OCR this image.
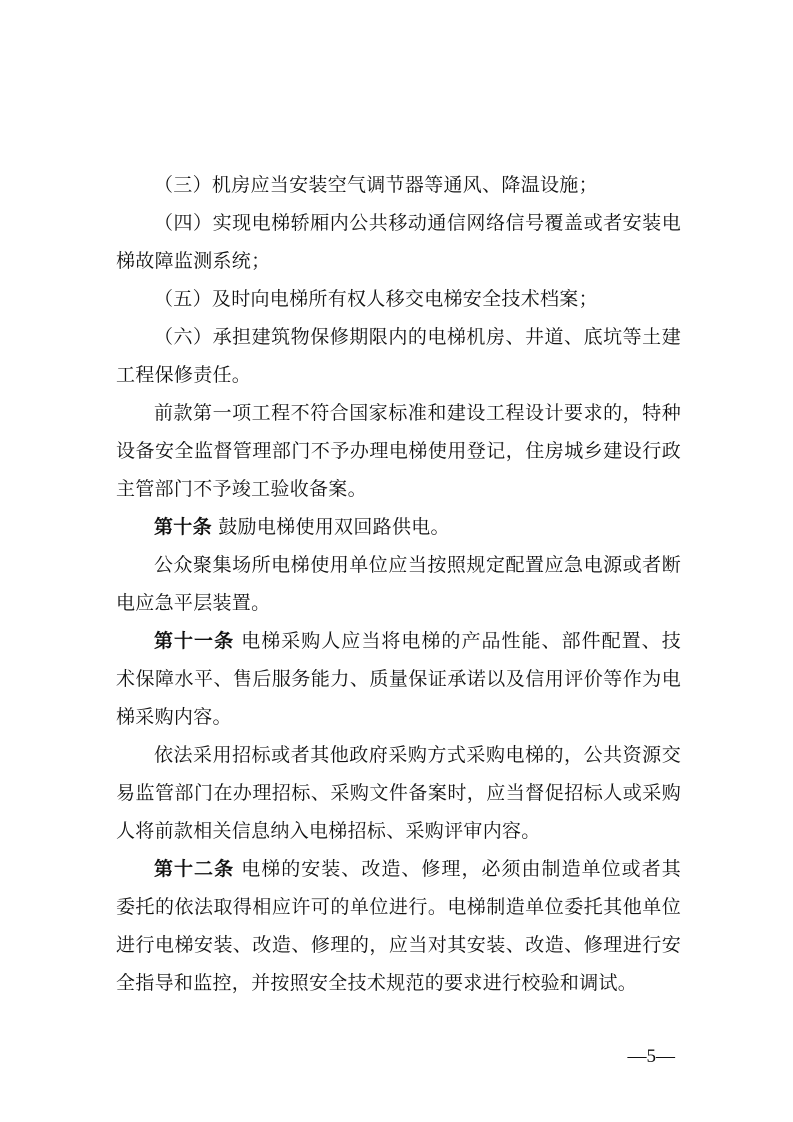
（三）机房应当安装空气调节器等通风、降温设施；

（四）实现电梯轿厢内公共移动通信网络信号覆盖或者安装电梯故障监测系统；

（五）及时向电梯所有权人移交电梯安全技术档案；

（六）承担建筑物保修期限内的电梯机房、井道、底坑等土建工程保修责任。

前款第一项工程不符合国家标准和建设工程设计要求的，特种设备安全监督管理部门不予办理电梯使用登记，住房城乡建设行政主管部门不予竣工验收备案。

第十条 鼓励电梯使用双回路供电。

公众聚集场所电梯使用单位应当按照规定配置应急电源或者断电应急平层装置。

第十一条 电梯采购人应当将电梯的产品性能、部件配置、技术保障水平、售后服务能力、质量保证承诺以及信用评价等作为电梯采购内容。

依法采用招标或者其他政府采购方式采购电梯的，公共资源交易监管部门在办理招标、采购文件备案时，应当督促招标人或采购人将前款相关信息纳入电梯招标、采购评审内容。

第十二条 电梯的安装、改造、修理，必须由制造单位或者其委托的依法取得相应许可的单位进行。电梯制造单位委托其他单位进行电梯安装、改造、修理的，应当对其安装、改造、修理进行安全指导和监控，并按照安全技术规范的要求进行校验和调试。

—5—
